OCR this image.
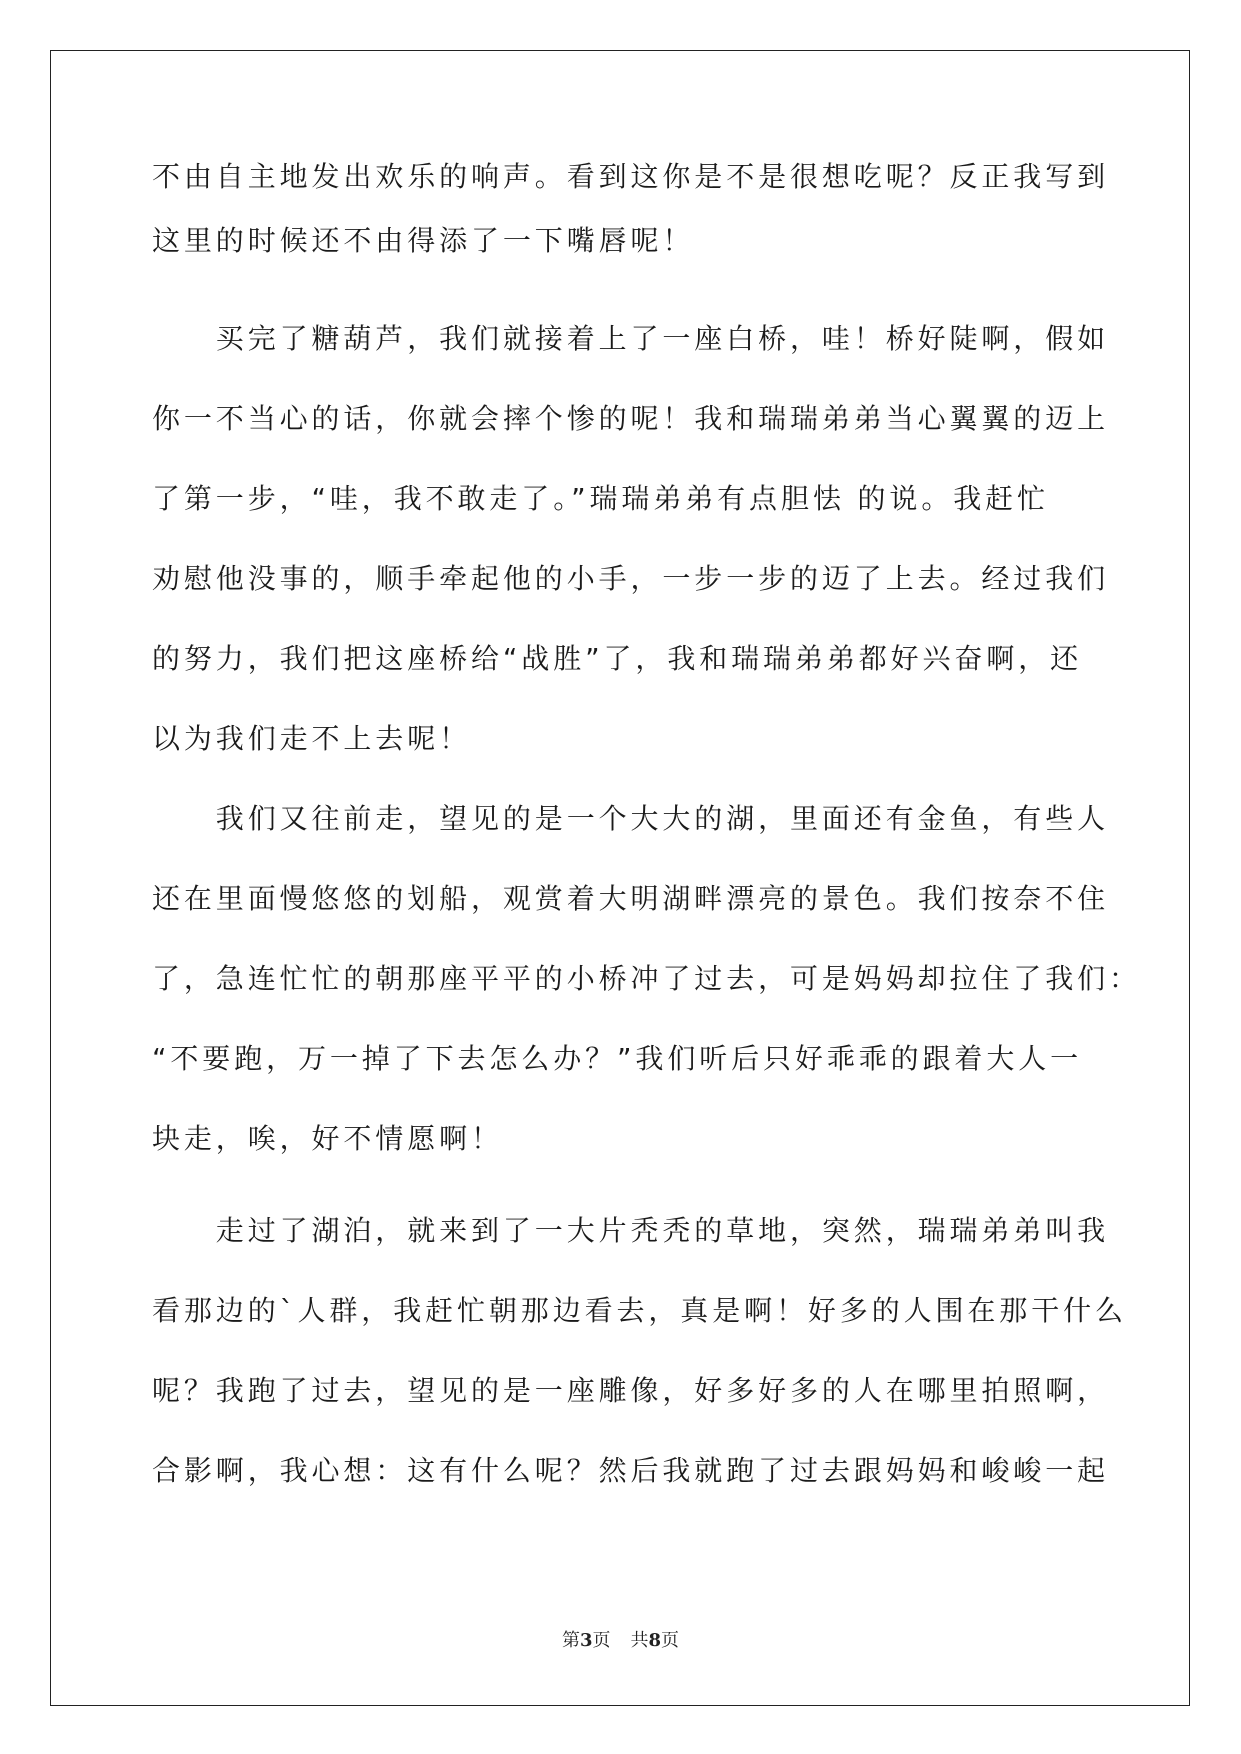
不由自主地发出欢乐的响声。看到这你是不是很想吃呢？反正我写到
这里的时候还不由得添了一下嘴唇呢！
　　买完了糖葫芦，我们就接着上了一座白桥，哇！桥好陡啊，假如
你一不当心的话，你就会摔个惨的呢！我和瑞瑞弟弟当心翼翼的迈上
了第一步，“哇，我不敢走了。”瑞瑞弟弟有点胆怯 的说。我赶忙
劝慰他没事的，顺手牵起他的小手，一步一步的迈了上去。经过我们
的努力，我们把这座桥给“战胜”了，我和瑞瑞弟弟都好兴奋啊，还
以为我们走不上去呢！
　　我们又往前走，望见的是一个大大的湖，里面还有金鱼，有些人
还在里面慢悠悠的划船，观赏着大明湖畔漂亮的景色。我们按奈不住
了，急连忙忙的朝那座平平的小桥冲了过去，可是妈妈却拉住了我们：
“不要跑，万一掉了下去怎么办？”我们听后只好乖乖的跟着大人一
块走，唉，好不情愿啊！
　　走过了湖泊，就来到了一大片秃秃的草地，突然，瑞瑞弟弟叫我
看那边的`人群，我赶忙朝那边看去，真是啊！好多的人围在那干什么
呢？我跑了过去，望见的是一座雕像，好多好多的人在哪里拍照啊，
合影啊，我心想：这有什么呢？然后我就跑了过去跟妈妈和峻峻一起
第3页 共8页
